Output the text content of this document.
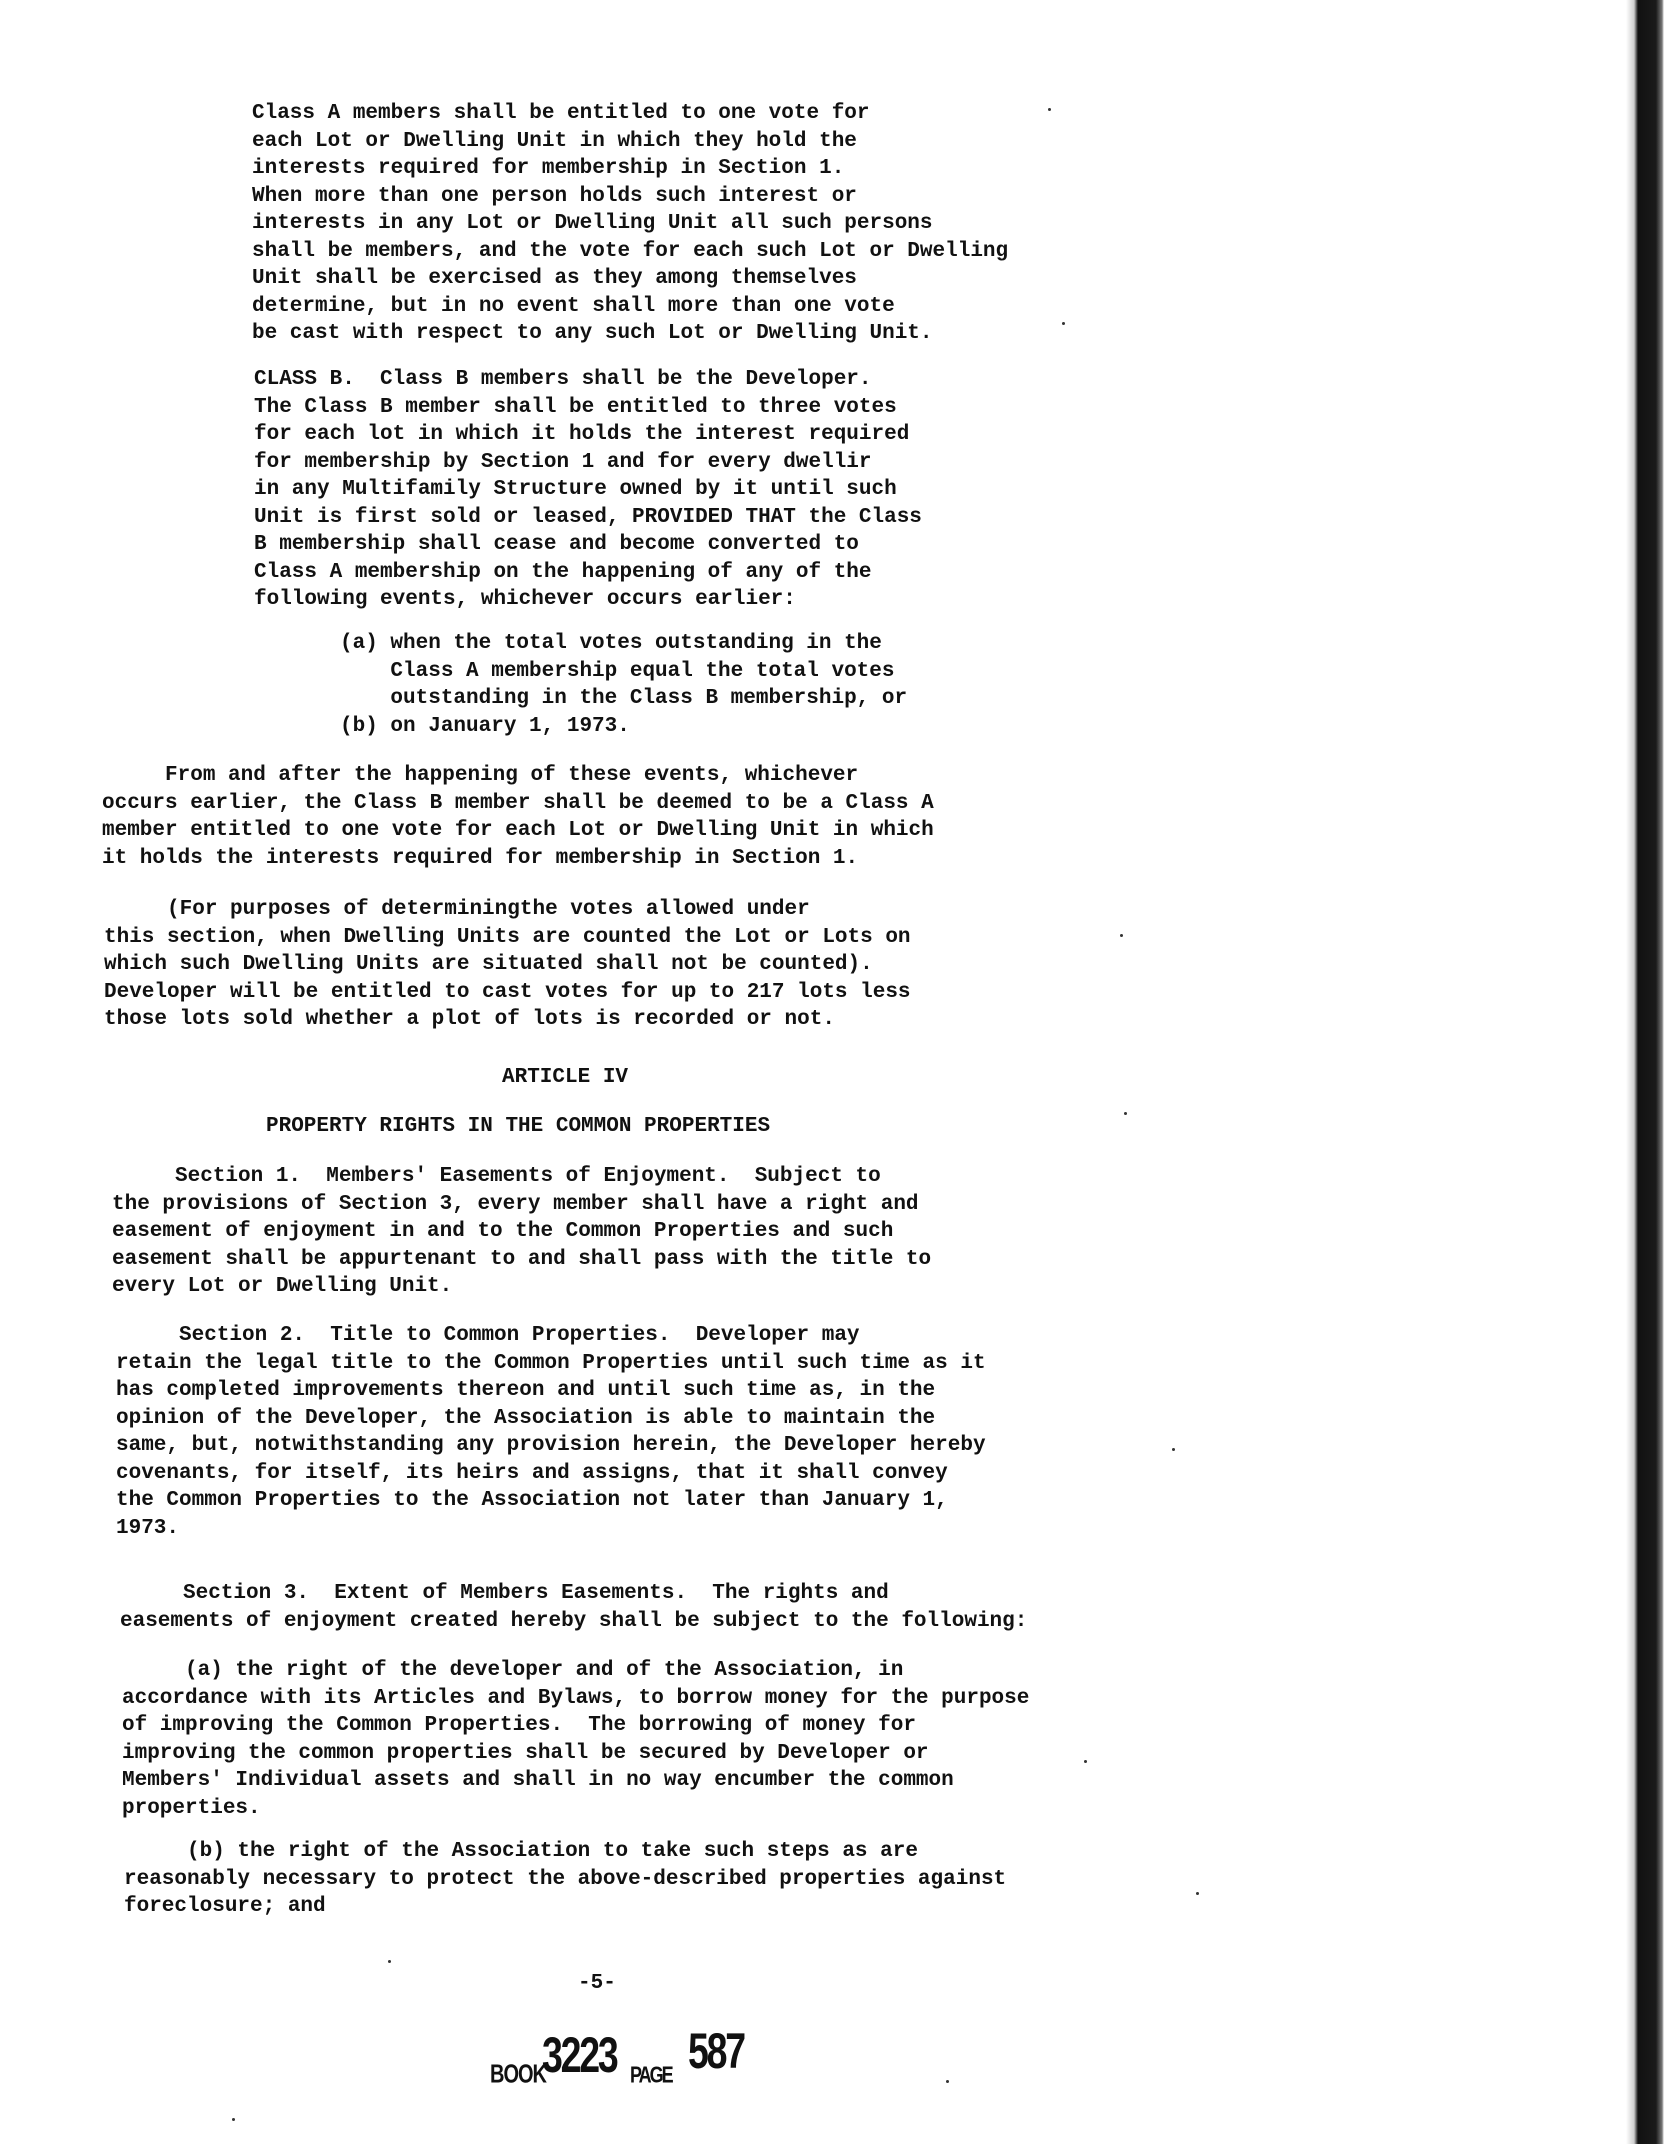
Class A members shall be entitled to one vote for
each Lot or Dwelling Unit in which they hold the
interests required for membership in Section 1.
When more than one person holds such interest or
interests in any Lot or Dwelling Unit all such persons
shall be members, and the vote for each such Lot or Dwelling
Unit shall be exercised as they among themselves
determine, but in no event shall more than one vote
be cast with respect to any such Lot or Dwelling Unit.
CLASS B.  Class B members shall be the Developer.
The Class B member shall be entitled to three votes
for each lot in which it holds the interest required
for membership by Section 1 and for every dwellir
in any Multifamily Structure owned by it until such
Unit is first sold or leased, PROVIDED THAT the Class
B membership shall cease and become converted to
Class A membership on the happening of any of the
following events, whichever occurs earlier:
(a) when the total votes outstanding in the
Class A membership equal the total votes
outstanding in the Class B membership, or
(b) on January 1, 1973.
From and after the happening of these events, whichever
occurs earlier, the Class B member shall be deemed to be a Class A
member entitled to one vote for each Lot or Dwelling Unit in which
it holds the interests required for membership in Section 1.
(For purposes of determiningthe votes allowed under
this section, when Dwelling Units are counted the Lot or Lots on
which such Dwelling Units are situated shall not be counted).
Developer will be entitled to cast votes for up to 217 lots less
those lots sold whether a plot of lots is recorded or not.
ARTICLE IV
PROPERTY RIGHTS IN THE COMMON PROPERTIES
Section 1.  Members' Easements of Enjoyment.  Subject to
the provisions of Section 3, every member shall have a right and
easement of enjoyment in and to the Common Properties and such
easement shall be appurtenant to and shall pass with the title to
every Lot or Dwelling Unit.
Section 2.  Title to Common Properties.  Developer may
retain the legal title to the Common Properties until such time as it
has completed improvements thereon and until such time as, in the
opinion of the Developer, the Association is able to maintain the
same, but, notwithstanding any provision herein, the Developer hereby
covenants, for itself, its heirs and assigns, that it shall convey
the Common Properties to the Association not later than January 1,
1973.
Section 3.  Extent of Members Easements.  The rights and
easements of enjoyment created hereby shall be subject to the following:
(a) the right of the developer and of the Association, in
accordance with its Articles and Bylaws, to borrow money for the purpose
of improving the Common Properties.  The borrowing of money for
improving the common properties shall be secured by Developer or
Members' Individual assets and shall in no way encumber the common
properties.
(b) the right of the Association to take such steps as are
reasonably necessary to protect the above-described properties against
foreclosure; and
-5-
BOOK
3223 PAGE 587
